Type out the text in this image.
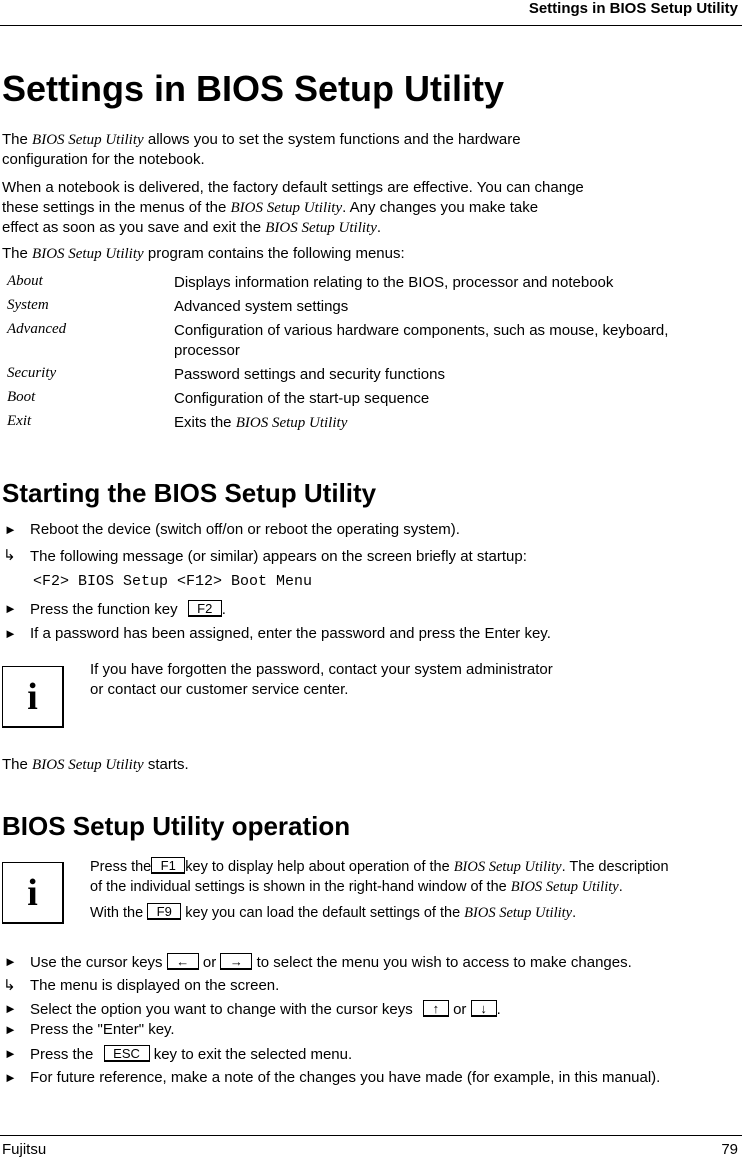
Settings in BIOS Setup Utility
Settings in BIOS Setup Utility
The BIOS Setup Utility allows you to set the system functions and the hardware
configuration for the notebook.
When a notebook is delivered, the factory default settings are effective. You can change
these settings in the menus of the BIOS Setup Utility. Any changes you make take
effect as soon as you save and exit the BIOS Setup Utility.
The BIOS Setup Utility program contains the following menus:
About	Displays information relating to the BIOS, processor and notebook
System	Advanced system settings
Advanced	Configuration of various hardware components, such as mouse, keyboard, processor
Security	Password settings and security functions
Boot	Configuration of the start-up sequence
Exit	Exits the BIOS Setup Utility
Starting the BIOS Setup Utility
► Reboot the device (switch off/on or reboot the operating system).
↳ The following message (or similar) appears on the screen briefly at startup:
<F2> BIOS Setup <F12> Boot Menu
► Press the function key F2 .
► If a password has been assigned, enter the password and press the Enter key.
i
If you have forgotten the password, contact your system administrator
or contact our customer service center.
The BIOS Setup Utility starts.
BIOS Setup Utility operation
i
Press the F1 key to display help about operation of the BIOS Setup Utility. The description
of the individual settings is shown in the right-hand window of the BIOS Setup Utility.
With the F9 key you can load the default settings of the BIOS Setup Utility.
► Use the cursor keys ← or → to select the menu you wish to access to make changes.
↳ The menu is displayed on the screen.
► Select the option you want to change with the cursor keys ↑ or ↓ .
► Press the "Enter" key.
► Press the ESC key to exit the selected menu.
► For future reference, make a note of the changes you have made (for example, in this manual).
Fujitsu	79
